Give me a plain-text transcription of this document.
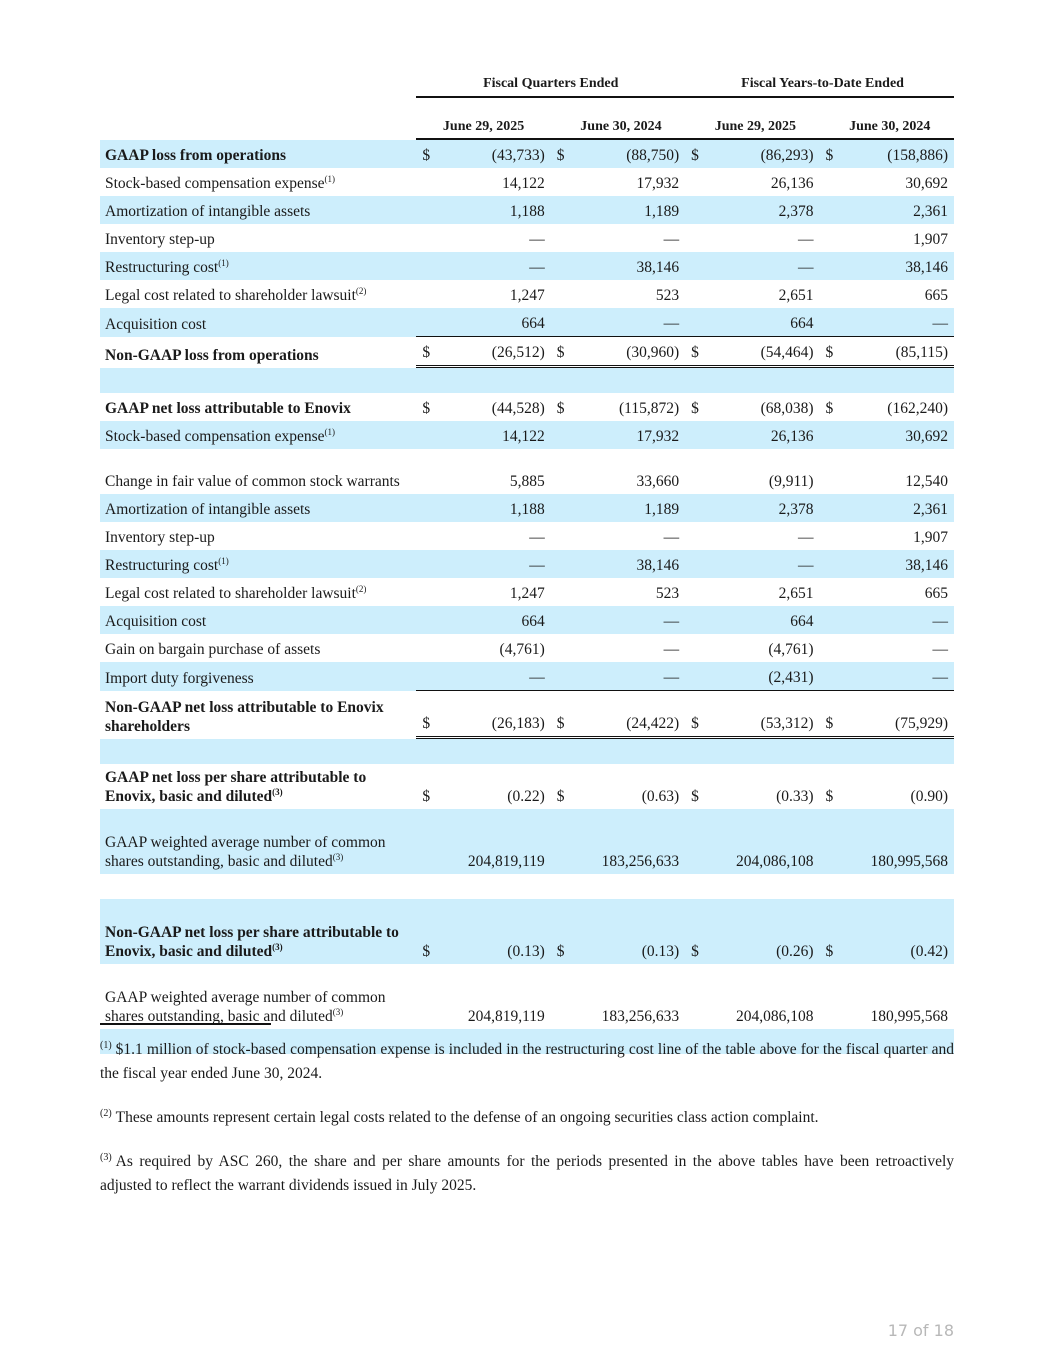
	Fiscal Quarters Ended				Fiscal Years-to-Date Ended			
	June 29, 2025		June 30, 2024		June 29, 2025		June 30, 2024	
GAAP loss from operations	$	(43,733)	$	(88,750)	$	(86,293)	$	(158,886)
Stock-based compensation expense$^{(1)}$		14,122		17,932		26,136		30,692
Amortization of intangible assets		1,188		1,189		2,378		2,361
Inventory step-up		—		—		—		1,907
Restructuring cost$^{(1)}$		—		38,146		—		38,146
Legal cost related to shareholder lawsuit$^{(2)}$		1,247		523		2,651		665
Acquisition cost		664		—		664		—
Non-GAAP loss from operations	$	(26,512)	$	(30,960)	$	(54,464)	$	(85,115)

GAAP net loss attributable to Enovix	$	(44,528)	$	(115,872)	$	(68,038)	$	(162,240)
Stock-based compensation expense$^{(1)}$		14,122		17,932		26,136		30,692
Change in fair value of common stock warrants		5,885		33,660		(9,911)		12,540
Amortization of intangible assets		1,188		1,189		2,378		2,361
Inventory step-up		—		—		—		1,907
Restructuring cost$^{(1)}$		—		38,146		—		38,146
Legal cost related to shareholder lawsuit$^{(2)}$		1,247		523		2,651		665
Acquisition cost		664		—		664		—
Gain on bargain purchase of assets		(4,761)		—		(4,761)		—
Import duty forgiveness		—		—		(2,431)		—
Non-GAAP net loss attributable to Enovix shareholders	$	(26,183)	$	(24,422)	$	(53,312)	$	(75,929)

GAAP net loss per share attributable to Enovix, basic and diluted$^{(3)}$	$	(0.22)	$	(0.63)	$	(0.33)	$	(0.90)
GAAP weighted average number of common shares outstanding, basic and diluted$^{(3)}$		204,819,119		183,256,633		204,086,108		180,995,568

Non-GAAP net loss per share attributable to Enovix, basic and diluted$^{(3)}$	$	(0.13)	$	(0.13)	$	(0.26)	$	(0.42)
GAAP weighted average number of common shares outstanding, basic and diluted$^{(3)}$		204,819,119		183,256,633		204,086,108		180,995,568

$^{(1)}$ $1.1 million of stock-based compensation expense is included in the restructuring cost line of the table above for the fiscal quarter and the fiscal year ended June 30, 2024.
$^{(2)}$ These amounts represent certain legal costs related to the defense of an ongoing securities class action complaint.
$^{(3)}$ As required by ASC 260, the share and per share amounts for the periods presented in the above tables have been retroactively adjusted to reflect the warrant dividends issued in July 2025.
17 of 18
